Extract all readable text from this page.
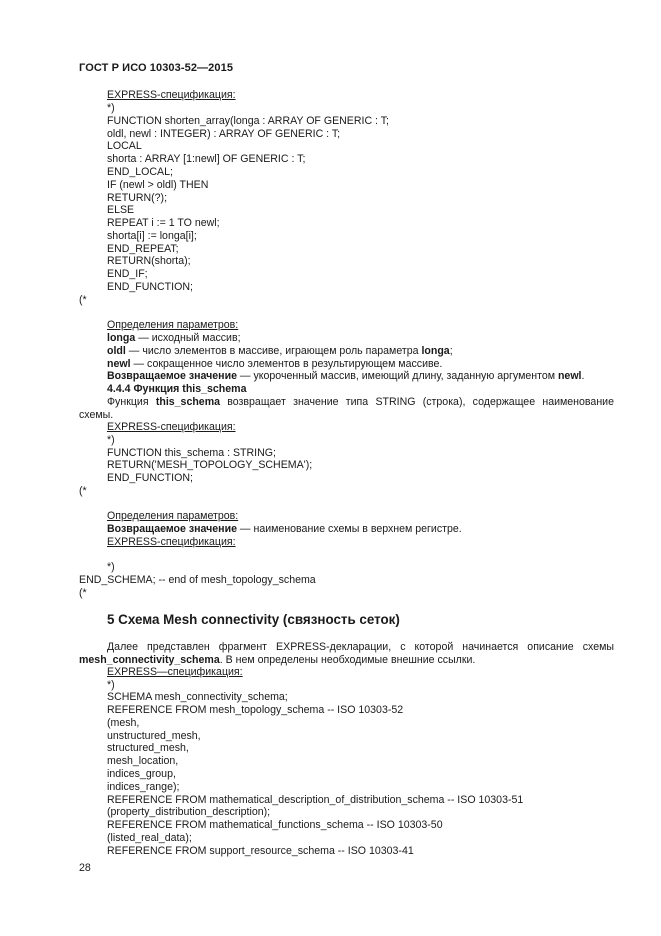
ГОСТ Р ИСО 10303-52—2015
EXPRESS-спецификация:
*)
FUNCTION shorten_array(longa : ARRAY OF GENERIC : T;
oldl, newl : INTEGER) : ARRAY OF GENERIC : T;
LOCAL
shorta : ARRAY [1:newl] OF GENERIC : T;
END_LOCAL;
IF (newl > oldl) THEN
RETURN(?);
ELSE
REPEAT i := 1 TO newl;
shorta[i] := longa[i];
END_REPEAT;
RETURN(shorta);
END_IF;
END_FUNCTION;
(*
Определения параметров:
longa — исходный массив;
oldl — число элементов в массиве, играющем роль параметра longa;
newl — сокращенное число элементов в результирующем массиве.
Возвращаемое значение — укороченный массив, имеющий длину, заданную аргументом newl.
4.4.4 Функция this_schema
Функция this_schema возвращает значение типа STRING (строка), содержащее наименование схемы.
EXPRESS-спецификация:
*)
FUNCTION this_schema : STRING;
RETURN('MESH_TOPOLOGY_SCHEMA');
END_FUNCTION;
(*
Определения параметров:
Возвращаемое значение — наименование схемы в верхнем регистре.
EXPRESS-спецификация:
*)
END_SCHEMA; -- end of mesh_topology_schema
(*
5 Схема Mesh connectivity (связность сеток)
Далее представлен фрагмент EXPRESS-декларации, с которой начинается описание схемы mesh_connectivity_schema. В нем определены необходимые внешние ссылки.
EXPRESS—спецификация:
*)
SCHEMA mesh_connectivity_schema;
REFERENCE FROM mesh_topology_schema -- ISO 10303-52
(mesh,
unstructured_mesh,
structured_mesh,
mesh_location,
indices_group,
indices_range);
REFERENCE FROM mathematical_description_of_distribution_schema -- ISO 10303-51
(property_distribution_description);
REFERENCE FROM mathematical_functions_schema -- ISO 10303-50
(listed_real_data);
REFERENCE FROM support_resource_schema -- ISO 10303-41
28
